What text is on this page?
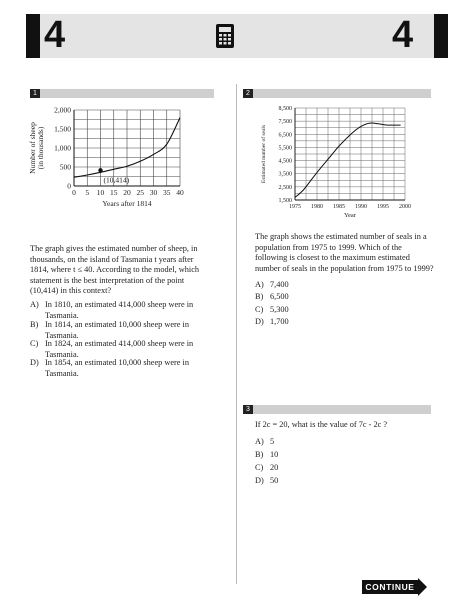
4	4
1
(10,414)
0 5 10 15 20 25 30 35 40
0
500
1,000
1,500
2,000
Years after 1814
Number of sheep (in thousands)
The graph gives the estimated number of sheep, in thousands, on the island of Tasmania t years after 1814, where t ≤ 40. According to the model, which statement is the best interpretation of the point (10,414) in this context?
A) In 1810, an estimated 414,000 sheep were in Tasmania.
B) In 1814, an estimated 10,000 sheep were in Tasmania.
C) In 1824, an estimated 414,000 sheep were in Tasmania.
D) In 1854, an estimated 10,000 sheep were in Tasmania.
2
1975 1980 1985 1990 1995 2000
1,500
2,500
3,500
4,500
5,500
6,500
7,500
8,500
Year
Estimated number of seals
The graph shows the estimated number of seals in a population from 1975 to 1999. Which of the following is closest to the maximum estimated number of seals in the population from 1975 to 1999?
A) 7,400
B) 6,500
C) 5,300
D) 1,700
3
If 2c = 20, what is the value of 7c - 2c ?
A) 5
B) 10
C) 20
D) 50
CONTINUE
